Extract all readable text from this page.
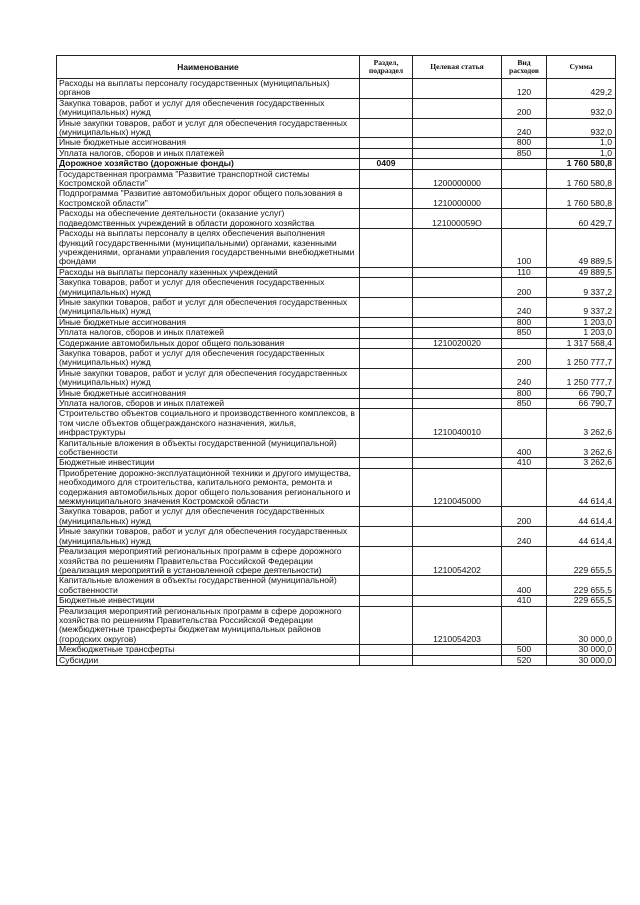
Наименование	Раздел, подраздел	Целевая статья	Вид расходов	Сумма
Расходы на выплаты персоналу государственных (муниципальных) органов			120	429,2
Закупка товаров, работ и услуг для обеспечения государственных (муниципальных) нужд			200	932,0
Иные закупки товаров, работ и услуг для обеспечения государственных (муниципальных) нужд			240	932,0
Иные бюджетные ассигнования			800	1,0
Уплата налогов, сборов и иных платежей			850	1,0
Дорожное хозяйство (дорожные фонды)	0409			1 760 580,8
Государственная программа "Развитие транспортной системы Костромской области"		1200000000		1 760 580,8
Подпрограмма "Развитие автомобильных дорог общего пользования в Костромской области"		1210000000		1 760 580,8
Расходы на обеспечение деятельности (оказание услуг) подведомственных учреждений в области дорожного хозяйства		121000059О		60 429,7
Расходы на выплаты персоналу в целях обеспечения выполнения функций государственными (муниципальными) органами, казенными учреждениями, органами управления государственными внебюджетными фондами			100	49 889,5
Расходы на выплаты персоналу казенных учреждений			110	49 889,5
Закупка товаров, работ и услуг для обеспечения государственных (муниципальных) нужд			200	9 337,2
Иные закупки товаров, работ и услуг для обеспечения государственных (муниципальных) нужд			240	9 337,2
Иные бюджетные ассигнования			800	1 203,0
Уплата налогов, сборов и иных платежей			850	1 203,0
Содержание автомобильных дорог общего пользования		1210020020		1 317 568,4
Закупка товаров, работ и услуг для обеспечения государственных (муниципальных) нужд			200	1 250 777,7
Иные закупки товаров, работ и услуг для обеспечения государственных (муниципальных) нужд			240	1 250 777,7
Иные бюджетные ассигнования			800	66 790,7
Уплата налогов, сборов и иных платежей			850	66 790,7
Строительство объектов социального и производственного комплексов, в том числе объектов общегражданского назначения, жилья, инфраструктуры		1210040010		3 262,6
Капитальные вложения в объекты государственной (муниципальной) собственности			400	3 262,6
Бюджетные инвестиции			410	3 262,6
Приобретение дорожно-эксплуатационной техники и другого имущества, необходимого для строительства, капитального ремонта, ремонта и содержания автомобильных дорог общего пользования регионального и межмуниципального значения Костромской области		1210045000		44 614,4
Закупка товаров, работ и услуг для обеспечения государственных (муниципальных) нужд			200	44 614,4
Иные закупки товаров, работ и услуг для обеспечения государственных (муниципальных) нужд			240	44 614,4
Реализация мероприятий региональных программ в сфере дорожного хозяйства по решениям Правительства Российской Федерации (реализация мероприятий в установленной сфере деятельности)		1210054202		229 655,5
Капитальные вложения в объекты государственной (муниципальной) собственности			400	229 655,5
Бюджетные инвестиции			410	229 655,5
Реализация мероприятий региональных программ в сфере дорожного хозяйства по решениям Правительства Российской Федерации (межбюджетные трансферты бюджетам муниципальных районов (городских округов)		1210054203		30 000,0
Межбюджетные трансферты			500	30 000,0
Субсидии			520	30 000,0
